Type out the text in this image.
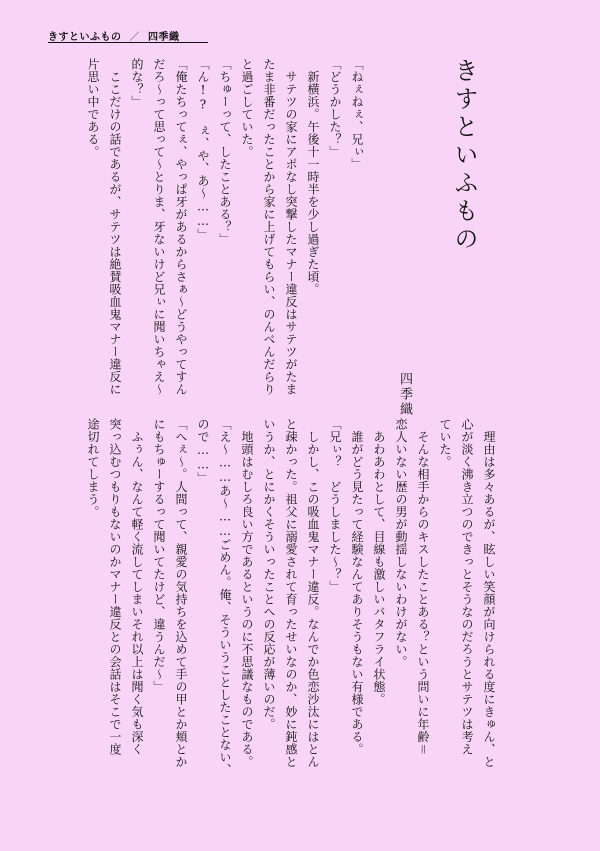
きすといふもの ／ 四季織
きすといふもの
四季織
「ねぇねぇ、兄ぃ」
「どうかした？」
　新横浜。午後十一時半を少し過ぎた頃。
　サテツの家にアポなし突撃したマナー違反はサテツがたま
たま非番だったことから家に上げてもらい、のんべんだらり
と過ごしていた。
「ちゅーって、したことある？」
「ん!?　ぇ、や、あ〜……」
「俺たちってぇ、やっぱ牙があるからさぁ〜どうやってすん
だろ〜って思って〜とりま、牙ないけど兄ぃに聞いちゃえ〜
的な？」
　ここだけの話であるが、サテツは絶賛吸血鬼マナー違反に
片思い中である。
　理由は多々あるが、眩しい笑顔が向けられる度にきゅん、と
心が淡く沸き立つのできっとそうなのだろうとサテツは考え
ていた。
　そんな相手からのキスしたことある？という問いに年齢＝
恋人いない歴の男が動揺しないわけがない。
　あわあわとして、目線も激しいバタフライ状態。
　誰がどう見たって経験なんてありそうもない有様である。
「兄ぃ？　どうしました〜？」
　しかし、この吸血鬼マナー違反。なんでか色恋沙汰にはとん
と疎かった。祖父に溺愛されて育ったせいなのか、妙に鈍感と
いうか、とにかくそういったことへの反応が薄いのだ。
　地頭はむしろ良い方であるというのに不思議なものである。
「え〜……あ〜……ごめん。俺、そういうことしたことない、
ので……」
「へぇ〜。人間って、親愛の気持ちを込めて手の甲とか頬とか
にもちゅーするって聞いてたけど、違うんだ〜」
　ふぅん、なんて軽く流してしまいそれ以上は聞く気も深く
突っ込むつもりもないのかマナー違反との会話はそこで一度
途切れてしまう。
